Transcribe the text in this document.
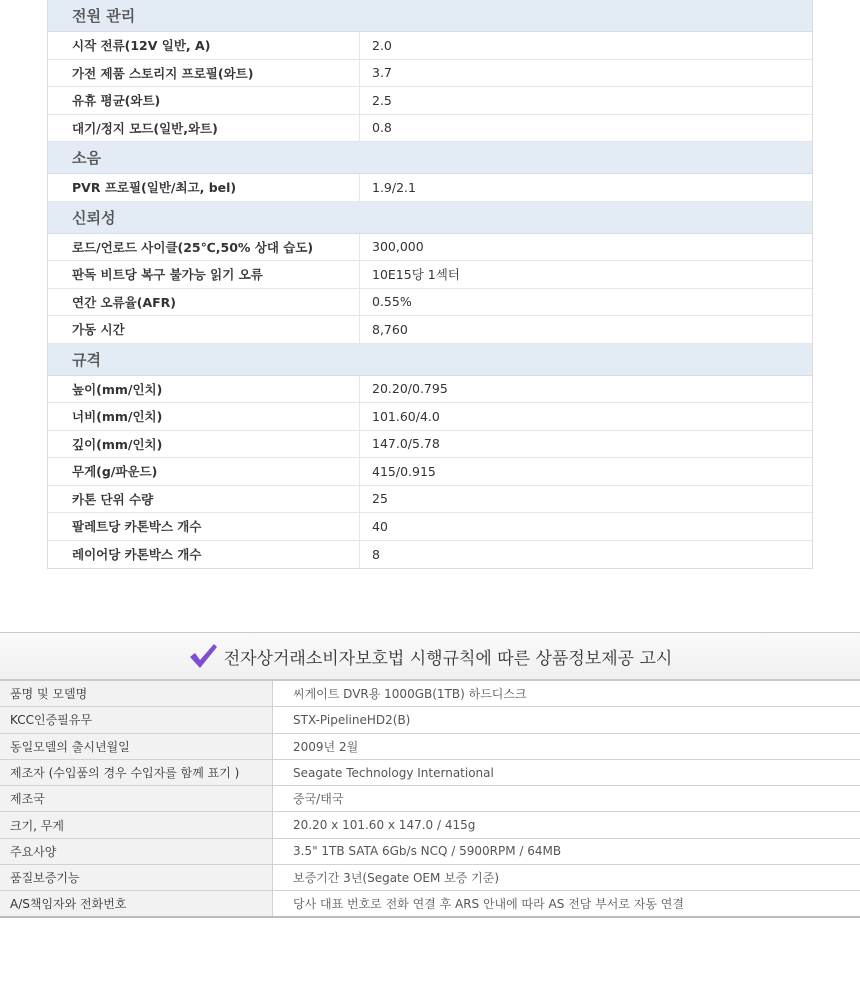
전원 관리
시작 전류(12V 일반, A)	2.0
가전 제품 스토리지 프로필(와트)	3.7
유휴 평균(와트)	2.5
대기/정지 모드(일반,와트)	0.8
소음
PVR 프로필(일반/최고, bel)	1.9/2.1
신뢰성
로드/언로드 사이클(25℃,50% 상대 습도)	300,000
판독 비트당 복구 불가능 읽기 오류	10E15당 1섹터
연간 오류율(AFR)	0.55%
가동 시간	8,760
규격
높이(mm/인치)	20.20/0.795
너비(mm/인치)	101.60/4.0
깊이(mm/인치)	147.0/5.78
무게(g/파운드)	415/0.915
카톤 단위 수량	25
팔레트당 카톤박스 개수	40
레이어당 카톤박스 개수	8
전자상거래소비자보호법 시행규칙에 따른 상품정보제공 고시
품명 및 모델명	씨게이트 DVR용 1000GB(1TB) 하드디스크
KCC인증필유무	STX-PipelineHD2(B)
동일모델의 출시년월일	2009년 2월
제조자 (수입품의 경우 수입자를 함께 표기 )	Seagate Technology International
제조국	중국/태국
크기, 무게	20.20 x 101.60 x 147.0 / 415g
주요사양	3.5" 1TB SATA 6Gb/s NCQ / 5900RPM / 64MB
품질보증기능	보증기간 3년(Segate OEM 보증 기준)
A/S책임자와 전화번호	당사 대표 번호로 전화 연결 후 ARS 안내에 따라 AS 전담 부서로 자동 연결
